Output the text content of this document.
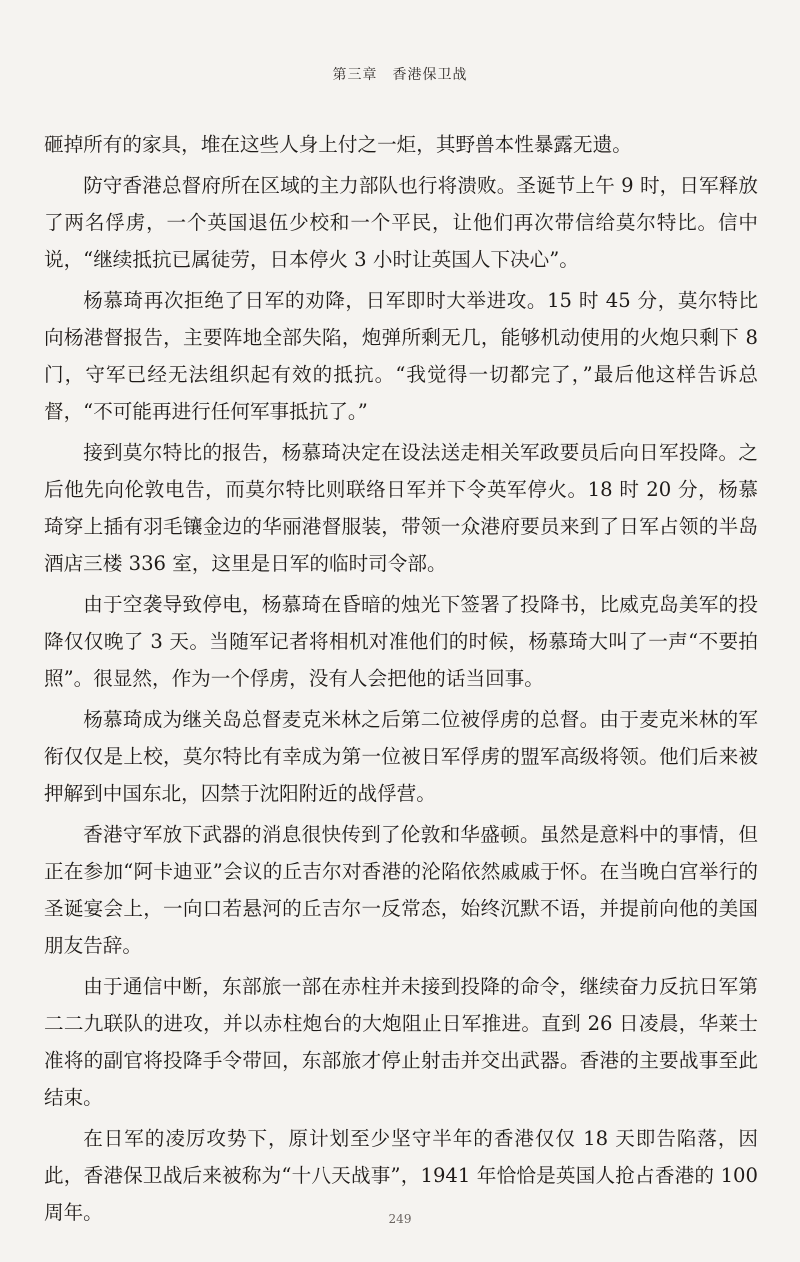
第三章　香港保卫战

砸掉所有的家具，堆在这些人身上付之一炬，其野兽本性暴露无遗。

防守香港总督府所在区域的主力部队也行将溃败。圣诞节上午 9 时，日军释放了两名俘虏，一个英国退伍少校和一个平民，让他们再次带信给莫尔特比。信中说，“继续抵抗已属徒劳，日本停火 3 小时让英国人下决心”。

杨慕琦再次拒绝了日军的劝降，日军即时大举进攻。15 时 45 分，莫尔特比向杨港督报告，主要阵地全部失陷，炮弹所剩无几，能够机动使用的火炮只剩下 8 门，守军已经无法组织起有效的抵抗。“我觉得一切都完了，”最后他这样告诉总督，“不可能再进行任何军事抵抗了。”

接到莫尔特比的报告，杨慕琦决定在设法送走相关军政要员后向日军投降。之后他先向伦敦电告，而莫尔特比则联络日军并下令英军停火。18 时 20 分，杨慕琦穿上插有羽毛镶金边的华丽港督服装，带领一众港府要员来到了日军占领的半岛酒店三楼 336 室，这里是日军的临时司令部。

由于空袭导致停电，杨慕琦在昏暗的烛光下签署了投降书，比威克岛美军的投降仅仅晚了 3 天。当随军记者将相机对准他们的时候，杨慕琦大叫了一声“不要拍照”。很显然，作为一个俘虏，没有人会把他的话当回事。

杨慕琦成为继关岛总督麦克米林之后第二位被俘虏的总督。由于麦克米林的军衔仅仅是上校，莫尔特比有幸成为第一位被日军俘虏的盟军高级将领。他们后来被押解到中国东北，囚禁于沈阳附近的战俘营。

香港守军放下武器的消息很快传到了伦敦和华盛顿。虽然是意料中的事情，但正在参加“阿卡迪亚”会议的丘吉尔对香港的沦陷依然戚戚于怀。在当晚白宫举行的圣诞宴会上，一向口若悬河的丘吉尔一反常态，始终沉默不语，并提前向他的美国朋友告辞。

由于通信中断，东部旅一部在赤柱并未接到投降的命令，继续奋力反抗日军第二二九联队的进攻，并以赤柱炮台的大炮阻止日军推进。直到 26 日凌晨，华莱士准将的副官将投降手令带回，东部旅才停止射击并交出武器。香港的主要战事至此结束。

在日军的凌厉攻势下，原计划至少坚守半年的香港仅仅 18 天即告陷落，因此，香港保卫战后来被称为“十八天战事”，1941 年恰恰是英国人抢占香港的 100 周年。	249
